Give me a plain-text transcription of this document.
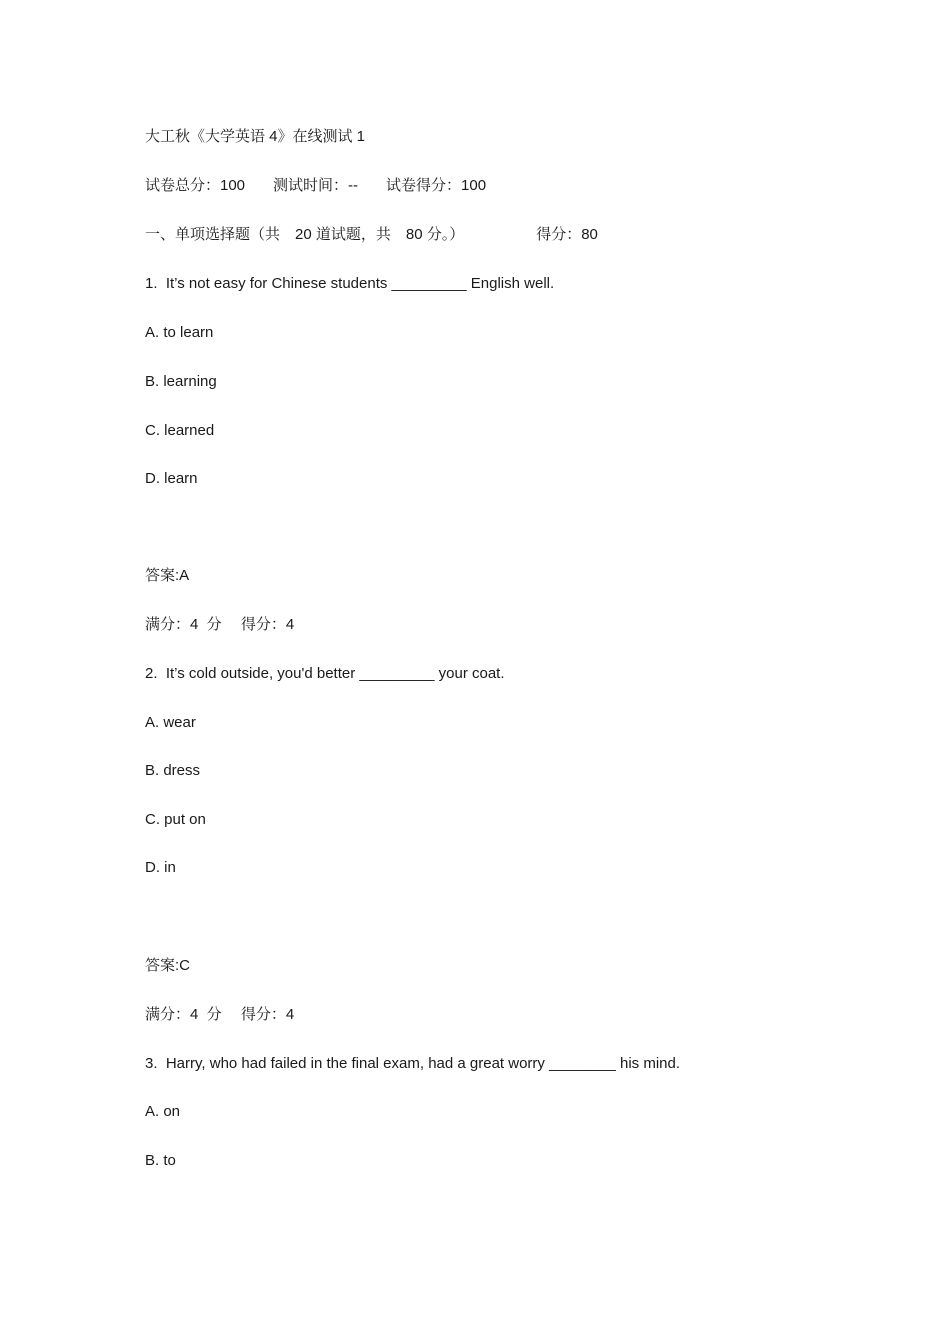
大工秋《大学英语 4》在线测试 1
试卷总分：100 测试时间：-- 试卷得分：100
一、单项选择题（共　20 道试题，共　80 分。）	得分：80
1.  It’s not easy for Chinese students _________ English well.
A. to learn
B. learning
C. learned
D. learn
答案:A
满分：4  分　 得分：4
2.  It’s cold outside, you'd better _________ your coat.
A. wear
B. dress
C. put on
D. in
答案:C
满分：4  分　 得分：4
3.  Harry, who had failed in the final exam, had a great worry ________ his mind.
A. on
B. to
